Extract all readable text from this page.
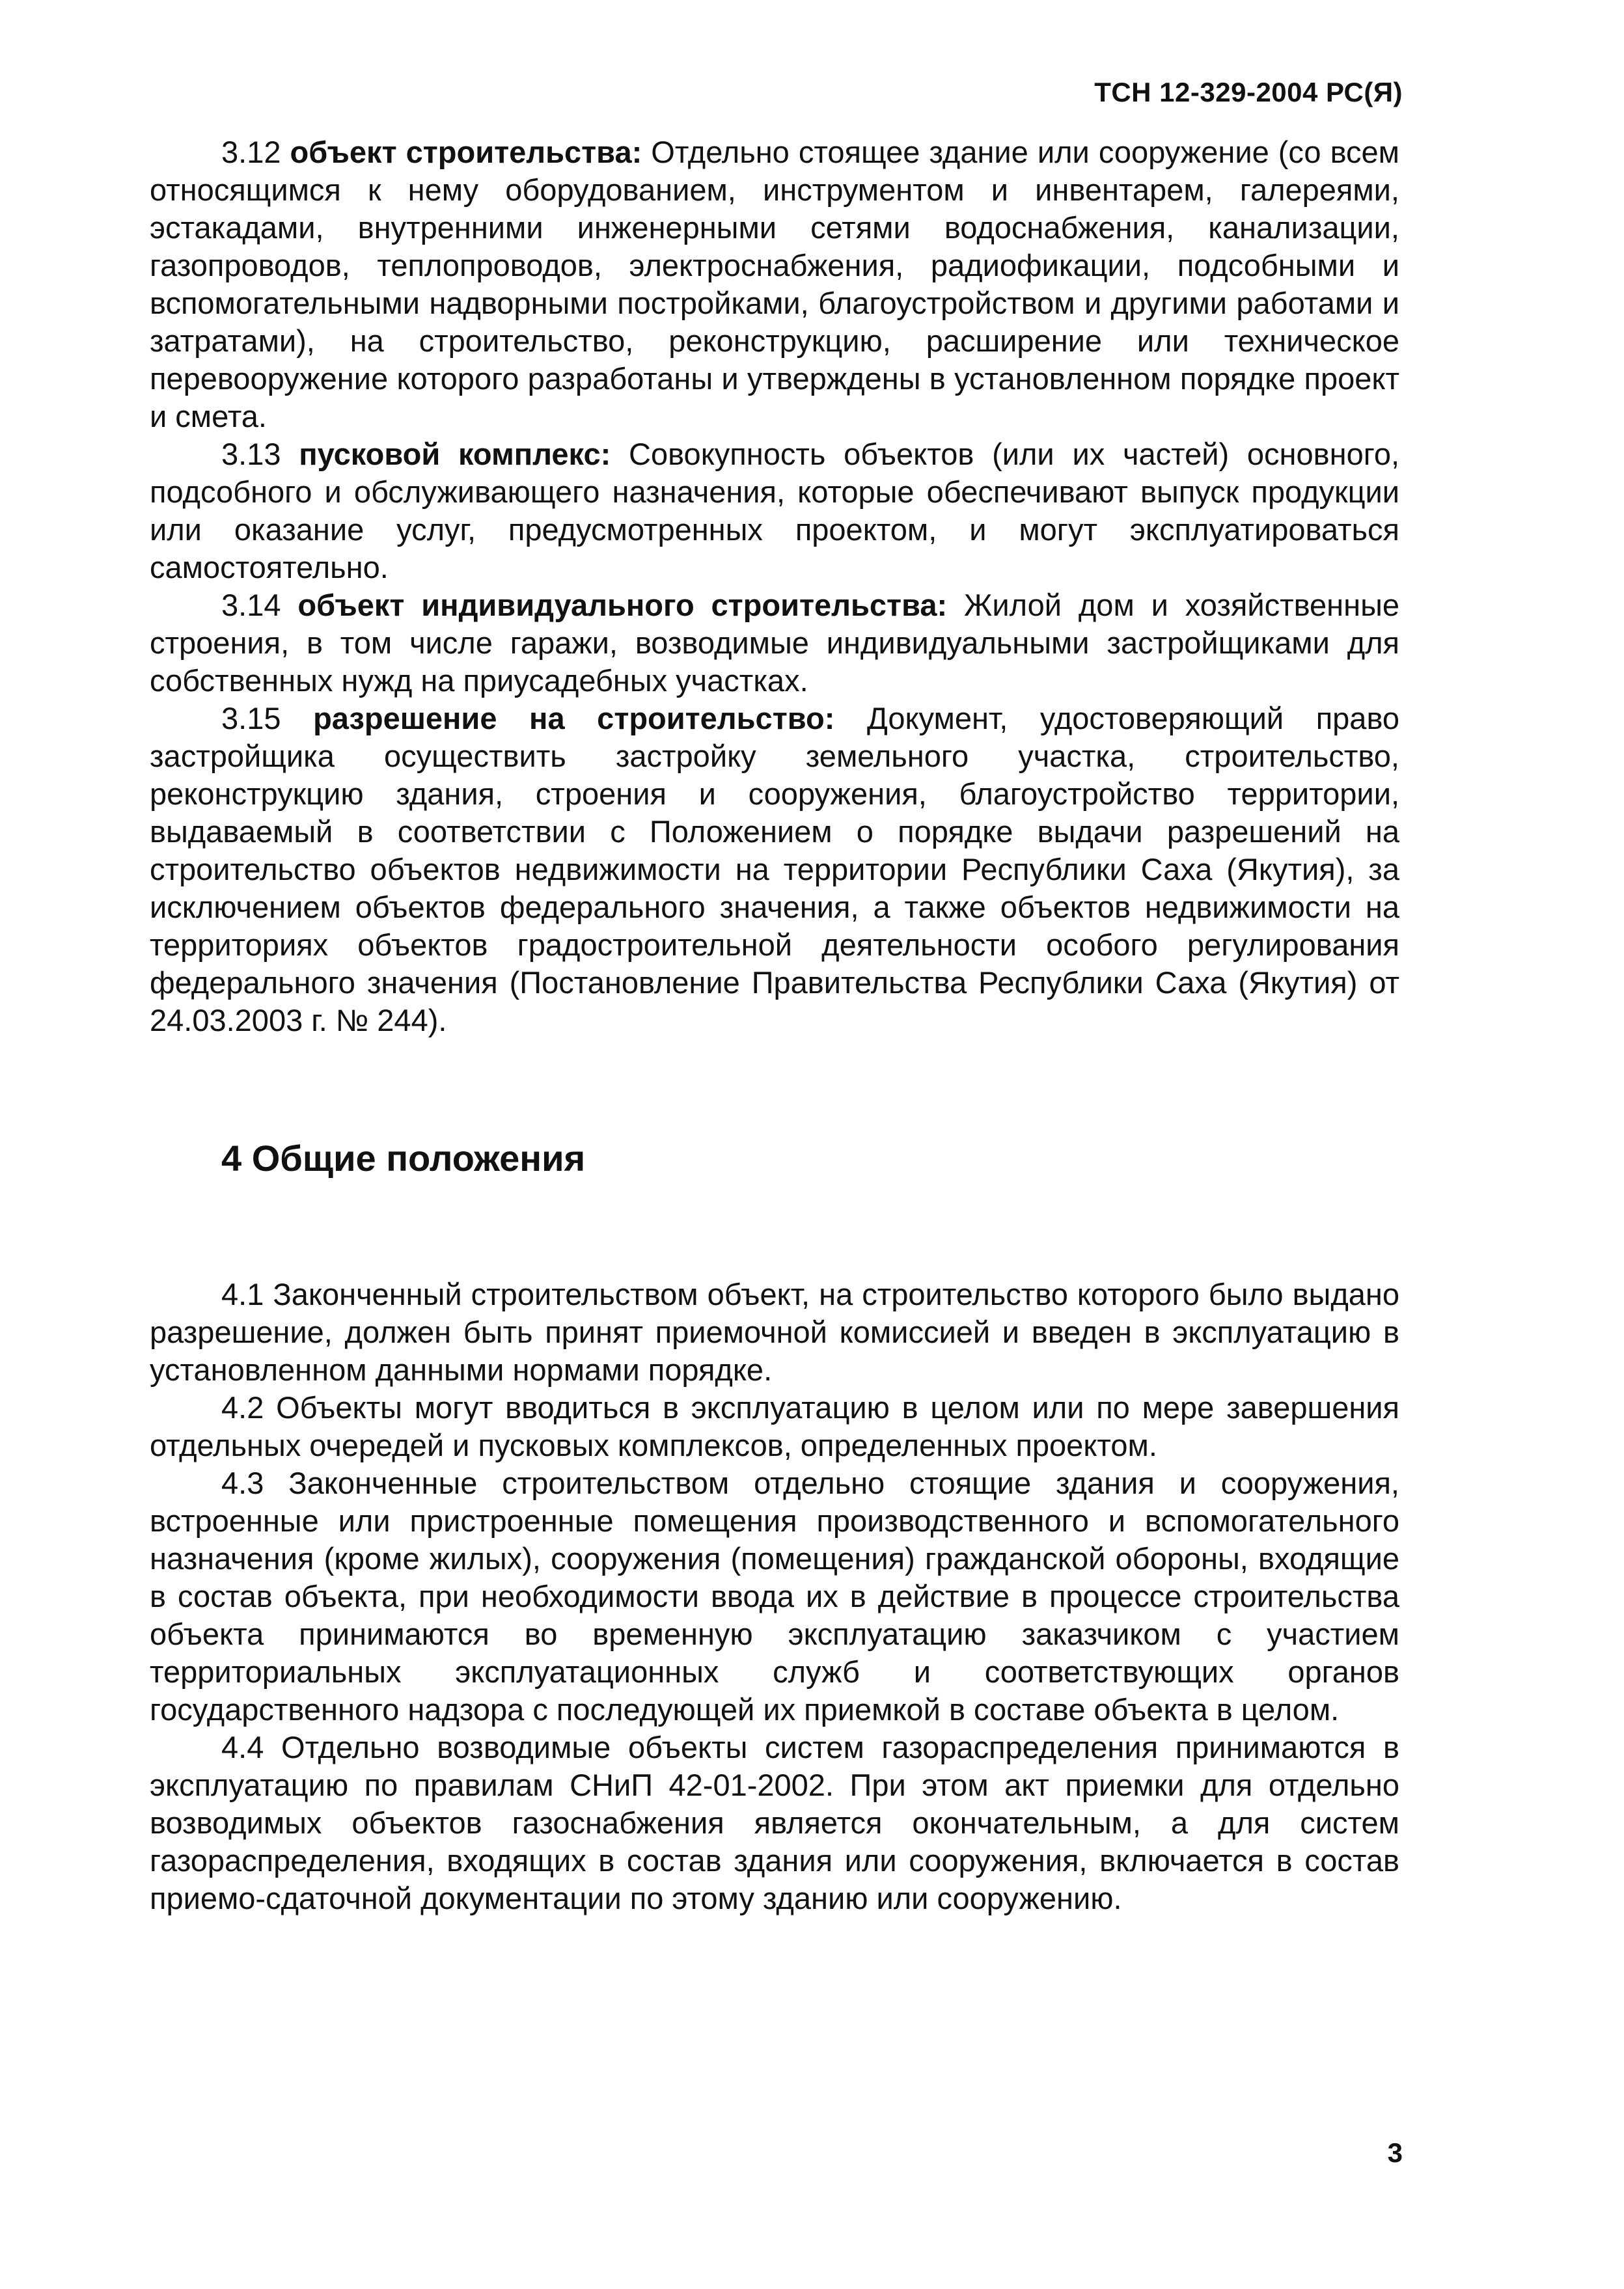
ТСН 12-329-2004 РС(Я)

3.12 объект строительства: Отдельно стоящее здание или сооружение (со всем относящимся к нему оборудованием, инструментом и инвентарем, галереями, эстакадами, внутренними инженерными сетями водоснабжения, канализации, газопроводов, теплопроводов, электроснабжения, радиофикации, подсобными и вспомогательными надворными постройками, благоустройством и другими работами и затратами), на строительство, реконструкцию, расширение или техническое перевооружение которого разработаны и утверждены в установленном порядке проект и смета.

3.13 пусковой комплекс: Совокупность объектов (или их частей) основного, подсобного и обслуживающего назначения, которые обеспечивают выпуск продукции или оказание услуг, предусмотренных проектом, и могут эксплуатироваться самостоятельно.

3.14 объект индивидуального строительства: Жилой дом и хозяйственные строения, в том числе гаражи, возводимые индивидуальными застройщиками для собственных нужд на приусадебных участках.

3.15 разрешение на строительство: Документ, удостоверяющий право застройщика осуществить застройку земельного участка, строительство, реконструкцию здания, строения и сооружения, благоустройство территории, выдаваемый в соответствии с Положением о порядке выдачи разрешений на строительство объектов недвижимости на территории Республики Саха (Якутия), за исключением объектов федерального значения, а также объектов недвижимости на территориях объектов градостроительной деятельности особого регулирования федерального значения (Постановление Правительства Республики Саха (Якутия) от 24.03.2003 г. № 244).

4 Общие положения

4.1 Законченный строительством объект, на строительство которого было выдано разрешение, должен быть принят приемочной комиссией и введен в эксплуатацию в установленном данными нормами порядке.

4.2 Объекты могут вводиться в эксплуатацию в целом или по мере завершения отдельных очередей и пусковых комплексов, определенных проектом.

4.3 Законченные строительством отдельно стоящие здания и сооружения, встроенные или пристроенные помещения производственного и вспомогательного назначения (кроме жилых), сооружения (помещения) гражданской обороны, входящие в состав объекта, при необходимости ввода их в действие в процессе строительства объекта принимаются во временную эксплуатацию заказчиком с участием территориальных эксплуатационных служб и соответствующих органов государственного надзора с последующей их приемкой в составе объекта в целом.

4.4 Отдельно возводимые объекты систем газораспределения принимаются в эксплуатацию по правилам СНиП 42-01-2002. При этом акт приемки для отдельно возводимых объектов газоснабжения является окончательным, а для систем газораспределения, входящих в состав здания или сооружения, включается в состав приемо-сдаточной документации по этому зданию или сооружению.

3
